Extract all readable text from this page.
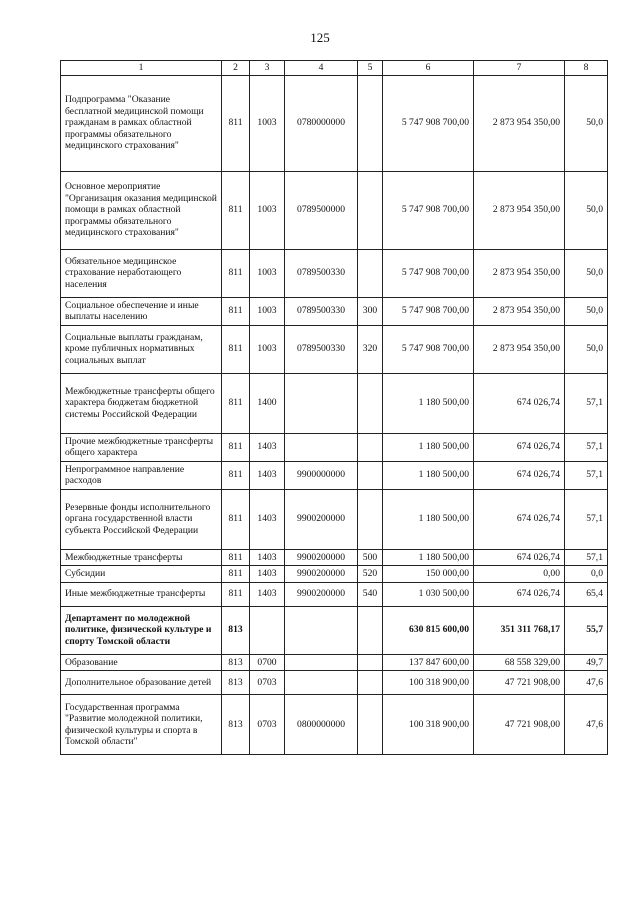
125
1	2	3	4	5	6	7	8
Подпрограмма "Оказание бесплатной медицинской помощи гражданам в рамках областной программы обязательного медицинского страхования"	811	1003	0780000000		5 747 908 700,00	2 873 954 350,00	50,0
Основное мероприятие "Организация оказания медицинской помощи в рамках областной программы обязательного медицинского страхования"	811	1003	0789500000		5 747 908 700,00	2 873 954 350,00	50,0
Обязательное медицинское страхование неработающего населения	811	1003	0789500330		5 747 908 700,00	2 873 954 350,00	50,0
Социальное обеспечение и иные выплаты населению	811	1003	0789500330	300	5 747 908 700,00	2 873 954 350,00	50,0
Социальные выплаты гражданам, кроме публичных нормативных социальных выплат	811	1003	0789500330	320	5 747 908 700,00	2 873 954 350,00	50,0
Межбюджетные трансферты общего характера бюджетам бюджетной системы Российской Федерации	811	1400			1 180 500,00	674 026,74	57,1
Прочие межбюджетные трансферты общего характера	811	1403			1 180 500,00	674 026,74	57,1
Непрограммное направление расходов	811	1403	9900000000		1 180 500,00	674 026,74	57,1
Резервные фонды исполнительного органа государственной власти субъекта Российской Федерации	811	1403	9900200000		1 180 500,00	674 026,74	57,1
Межбюджетные трансферты	811	1403	9900200000	500	1 180 500,00	674 026,74	57,1
Субсидии	811	1403	9900200000	520	150 000,00	0,00	0,0
Иные межбюджетные трансферты	811	1403	9900200000	540	1 030 500,00	674 026,74	65,4
Департамент по молодежной политике, физической культуре и спорту Томской области	813				630 815 600,00	351 311 768,17	55,7
Образование	813	0700			137 847 600,00	68 558 329,00	49,7
Дополнительное образование детей	813	0703			100 318 900,00	47 721 908,00	47,6
Государственная программа "Развитие молодежной политики, физической культуры и спорта в Томской области"	813	0703	0800000000		100 318 900,00	47 721 908,00	47,6
